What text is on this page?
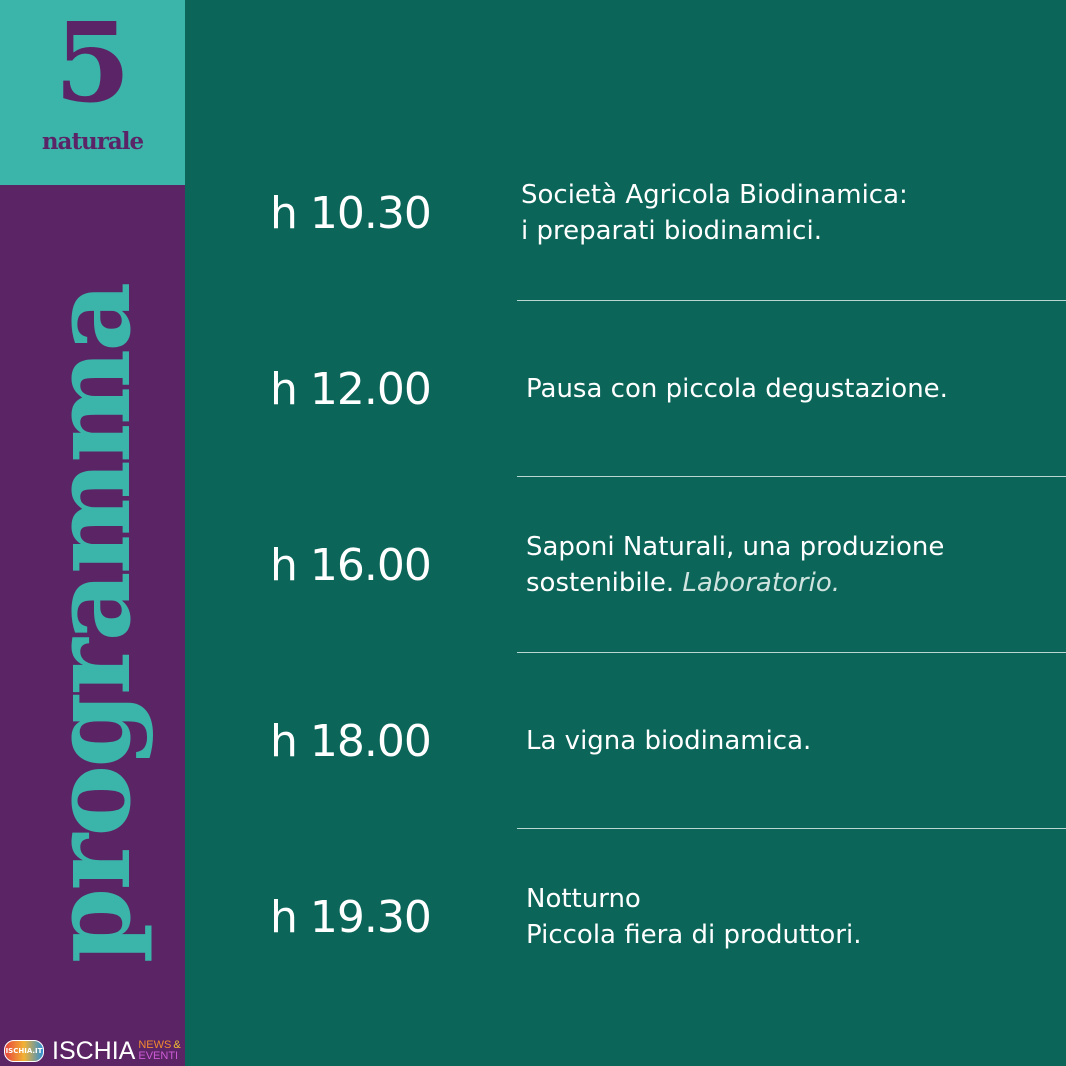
5
naturale
programma
h 10.30	Società Agricola Biodinamica:
i preparati biodinamici.
h 12.00	Pausa con piccola degustazione.
h 16.00	Saponi Naturali, una produzione
sostenibile. Laboratorio.
h 18.00	La vigna biodinamica.
h 19.30	Notturno
Piccola fiera di produttori.
ISCHIA.IT ISCHIA NEWS &
EVENTI
